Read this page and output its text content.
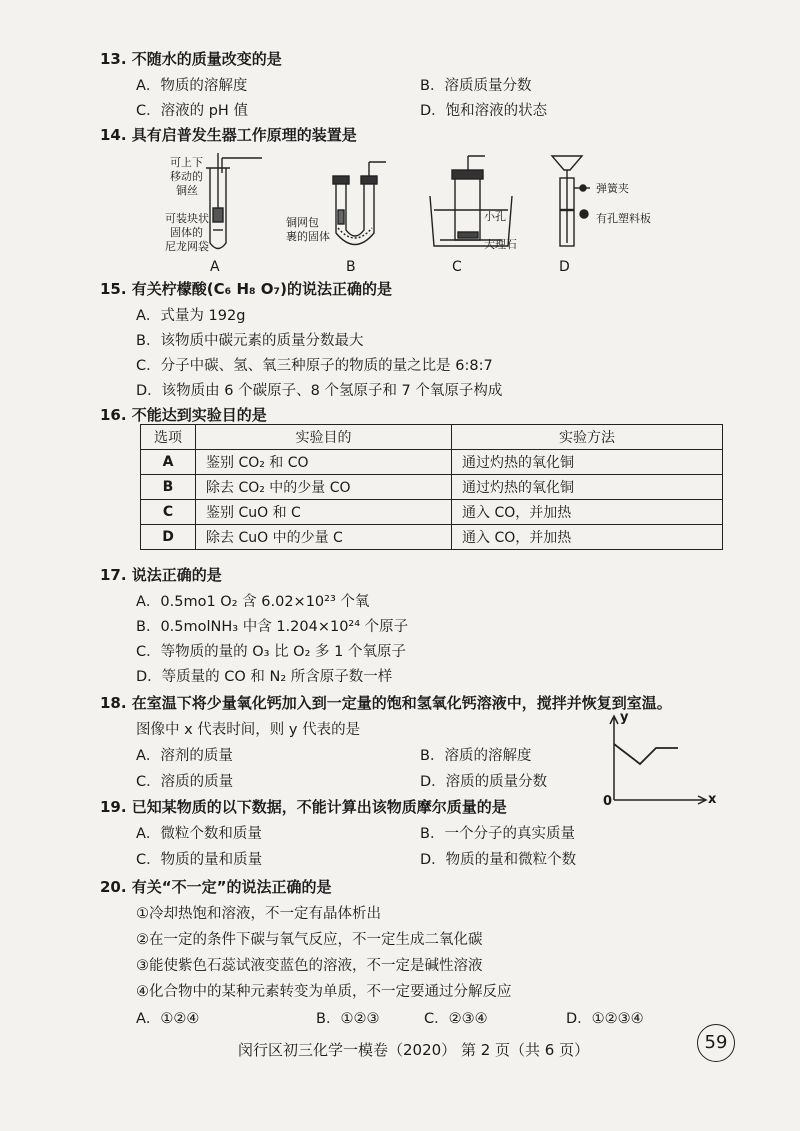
13. 不随水的质量改变的是
A．物质的溶解度	B．溶质质量分数
C．溶液的 pH 值	D．饱和溶液的状态
14. 具有启普发生器工作原理的装置是
可上下
移动的
铜丝
可装块状
固体的
尼龙网袋
铜网包
裹的固体
小孔
大理石
弹簧夹
有孔塑料板
A	B	C	D
15. 有关柠檬酸(C₆ H₈ O₇)的说法正确的是
A．式量为 192g
B．该物质中碳元素的质量分数最大
C．分子中碳、氢、氧三种原子的物质的量之比是 6:8:7
D．该物质由 6 个碳原子、8 个氢原子和 7 个氧原子构成
16. 不能达到实验目的是
选项	实验目的	实验方法
A	鉴别 CO₂ 和 CO	通过灼热的氧化铜
B	除去 CO₂ 中的少量 CO	通过灼热的氧化铜
C	鉴别 CuO 和 C	通入 CO，并加热
D	除去 CuO 中的少量 C	通入 CO，并加热
17. 说法正确的是
A．0.5mo1 O₂ 含 6.02×10²³ 个氧
B．0.5molNH₃ 中含 1.204×10²⁴ 个原子
C．等物质的量的 O₃ 比 O₂ 多 1 个氧原子
D．等质量的 CO 和 N₂ 所含原子数一样
18. 在室温下将少量氧化钙加入到一定量的饱和氢氧化钙溶液中，搅拌并恢复到室温。
图像中 x 代表时间，则 y 代表的是
A．溶剂的质量	B．溶质的溶解度
C．溶质的质量	D．溶质的质量分数
y
x
0
19. 已知某物质的以下数据，不能计算出该物质摩尔质量的是
A．微粒个数和质量	B．一个分子的真实质量
C．物质的量和质量	D．物质的量和微粒个数
20. 有关“不一定”的说法正确的是
①冷却热饱和溶液，不一定有晶体析出
②在一定的条件下碳与氧气反应，不一定生成二氧化碳
③能使紫色石蕊试液变蓝色的溶液，不一定是碱性溶液
④化合物中的某种元素转变为单质，不一定要通过分解反应
A．①②④	B．①②③	C．②③④	D．①②③④
闵行区初三化学一模卷（2020） 第 2 页（共 6 页）	59
